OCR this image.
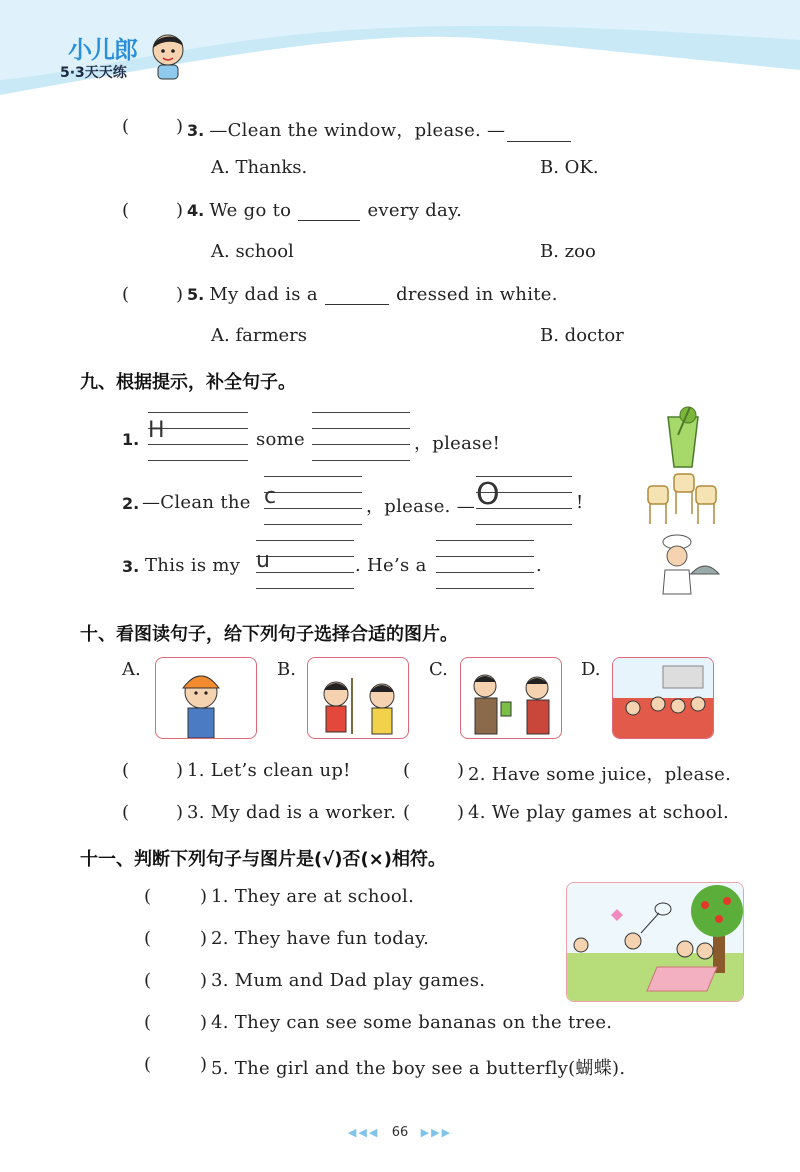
小儿郎
5·3天天练
(	) 3. —Clean the window，please. —
A. Thanks.	B. OK.
(	) 4. We go to	every day.
A. school	B. zoo
(	) 5. My dad is a	dressed in white.
A. farmers	B. doctor
九、根据提示，补全句子。
1. H	some	，please!
2. —Clean the c	，please. — O	!
3. This is my u	. He’s a	.
十、看图读句子，给下列句子选择合适的图片。
A.	B.	C.	D.
(	) 1. Let’s clean up!	(	) 2. Have some juice，please.
(	) 3. My dad is a worker. (	) 4. We play games at school.
十一、判断下列句子与图片是(√)否(×)相符。
(	) 1. They are at school.
(	) 2. They have fun today.
(	) 3. Mum and Dad play games.
(	) 4. They can see some bananas on the tree.
(	) 5. The girl and the boy see a butterfly(蝴蝶).
◀◀◀ 66 ▶▶▶
